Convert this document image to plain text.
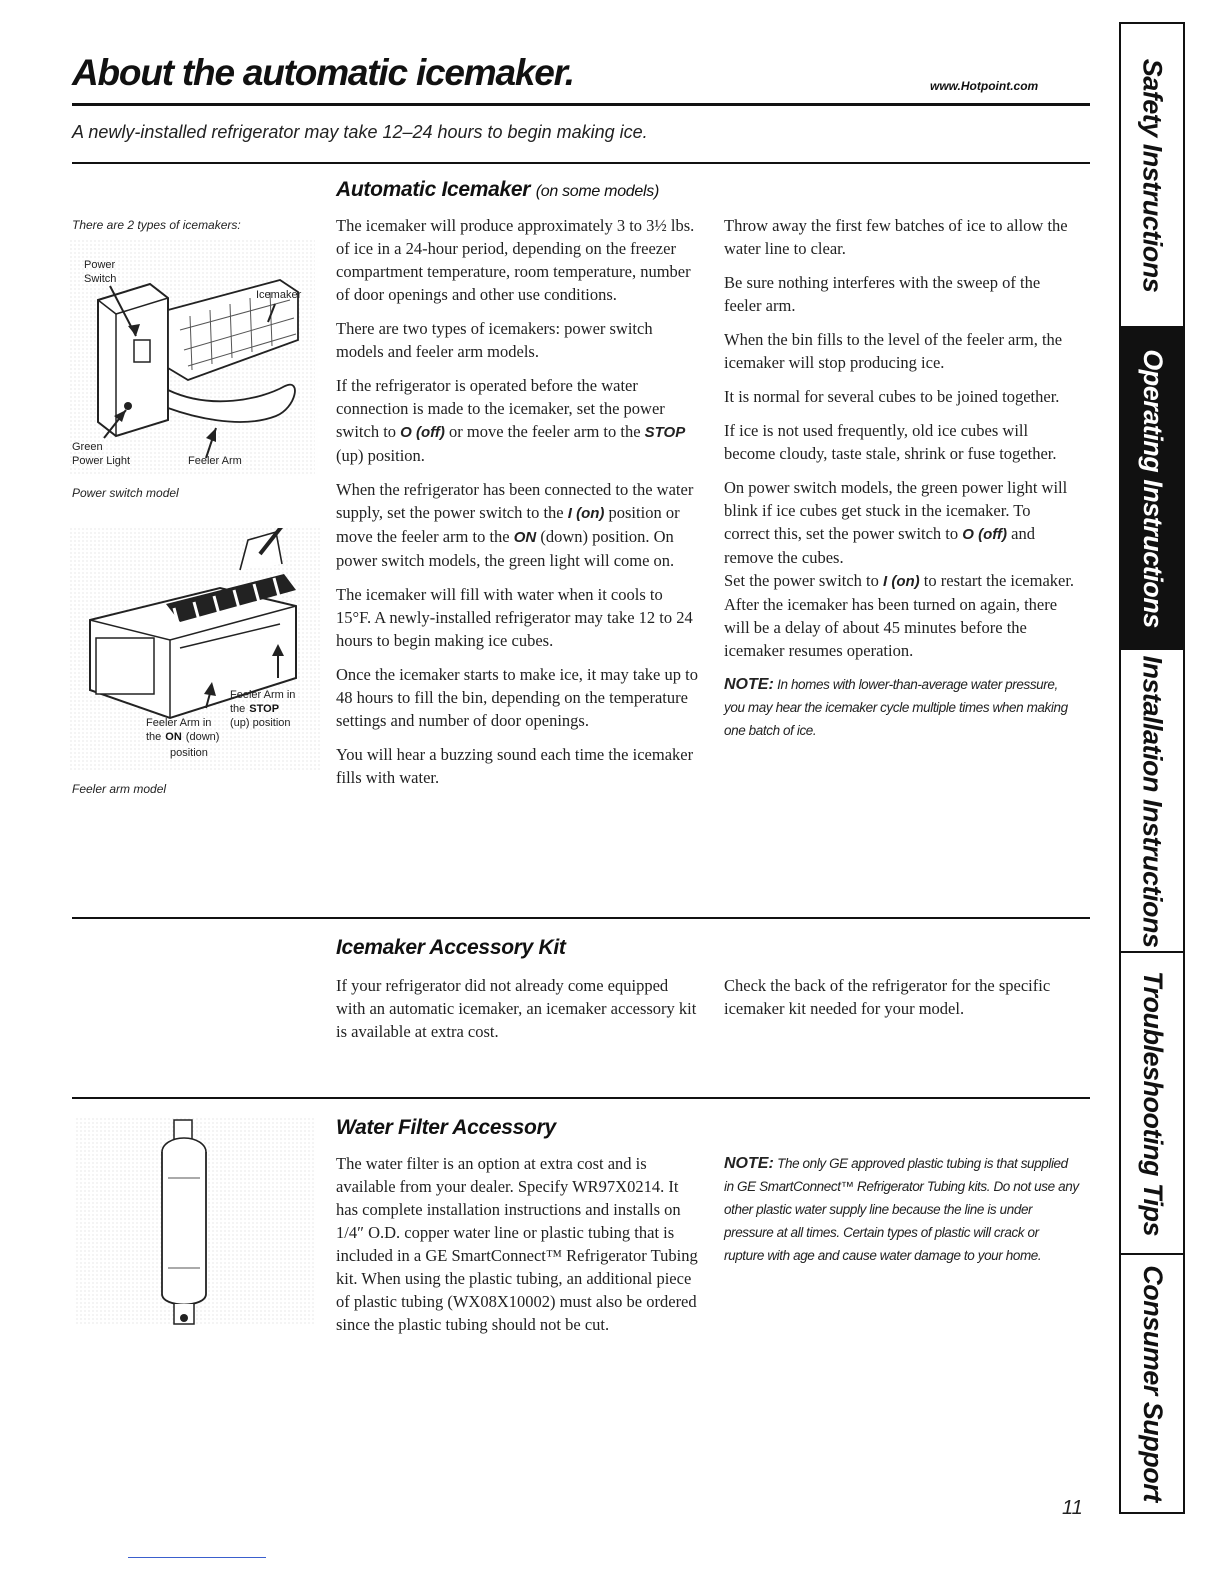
About the automatic icemaker.	www.Hotpoint.com
A newly-installed refrigerator may take 12–24 hours to begin making ice.
Automatic Icemaker (on some models)
There are 2 types of icemakers:
Power
Switch
Icemaker
Green
Power Light	Feeler Arm
Power switch model
Feeler Arm in
the STOP
(up) position
Feeler Arm in
the ON (down)
position
Feeler arm model

The icemaker will produce approximately 3 to 3½ lbs. of ice in a 24-hour period, depending on the freezer compartment temperature, room temperature, number of door openings and other use conditions.

There are two types of icemakers: power switch models and feeler arm models.

If the refrigerator is operated before the water connection is made to the icemaker, set the power switch to O (off) or move the feeler arm to the STOP (up) position.

When the refrigerator has been connected to the water supply, set the power switch to the I (on) position or move the feeler arm to the ON (down) position. On power switch models, the green light will come on.

The icemaker will fill with water when it cools to 15°F. A newly-installed refrigerator may take 12 to 24 hours to begin making ice cubes.

Once the icemaker starts to make ice, it may take up to 48 hours to fill the bin, depending on the temperature settings and number of door openings.

You will hear a buzzing sound each time the icemaker fills with water.

Throw away the first few batches of ice to allow the water line to clear.

Be sure nothing interferes with the sweep of the feeler arm.

When the bin fills to the level of the feeler arm, the icemaker will stop producing ice.

It is normal for several cubes to be joined together.

If ice is not used frequently, old ice cubes will become cloudy, taste stale, shrink or fuse together.

On power switch models, the green power light will blink if ice cubes get stuck in the icemaker. To correct this, set the power switch to O (off) and remove the cubes.

Set the power switch to I (on) to restart the icemaker. After the icemaker has been turned on again, there will be a delay of about 45 minutes before the icemaker resumes operation.

NOTE: In homes with lower-than-average water pressure, you may hear the icemaker cycle multiple times when making one batch of ice.

Icemaker Accessory Kit

If your refrigerator did not already come equipped with an automatic icemaker, an icemaker accessory kit is available at extra cost.

Check the back of the refrigerator for the specific icemaker kit needed for your model.

Water Filter Accessory

The water filter is an option at extra cost and is available from your dealer. Specify WR97X0214. It has complete installation instructions and installs on 1/4″ O.D. copper water line or plastic tubing that is included in a GE SmartConnect™ Refrigerator Tubing kit. When using the plastic tubing, an additional piece of plastic tubing (WX08X10002) must also be ordered since the plastic tubing should not be cut.

NOTE: The only GE approved plastic tubing is that supplied in GE SmartConnect™ Refrigerator Tubing kits. Do not use any other plastic water supply line because the line is under pressure at all times. Certain types of plastic will crack or rupture with age and cause water damage to your home.

Safety Instructions
Operating Instructions
Installation Instructions
Troubleshooting Tips
Consumer Support
11
